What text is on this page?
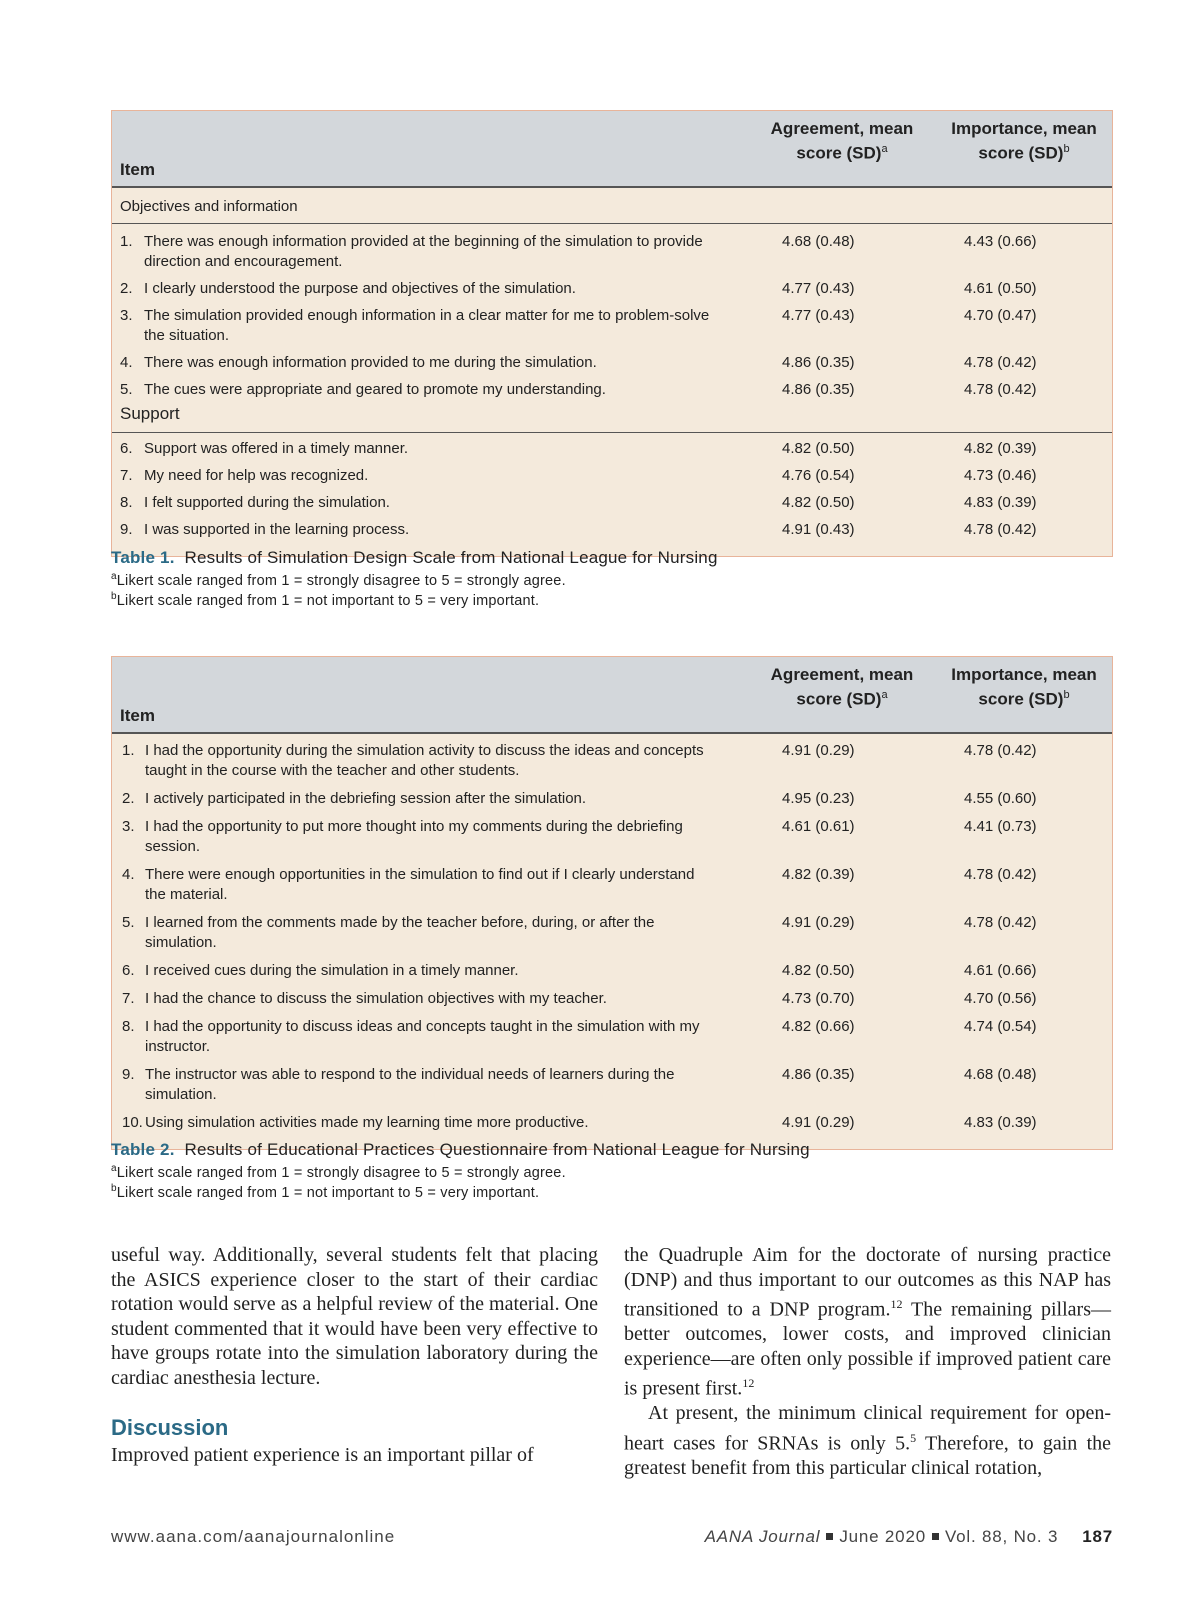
Item
Agreement, mean score (SD)$^a$
Importance, mean score (SD)$^b$
Objectives and information
1. There was enough information provided at the beginning of the simulation to provide direction and encouragement.
4.68 (0.48)	4.43 (0.66)
2. I clearly understood the purpose and objectives of the simulation.	4.77 (0.43)	4.61 (0.50)
3. The simulation provided enough information in a clear matter for me to problem-solve the situation.
4.77 (0.43)	4.70 (0.47)
4. There was enough information provided to me during the simulation.	4.86 (0.35)	4.78 (0.42)
5. The cues were appropriate and geared to promote my understanding.	4.86 (0.35)	4.78 (0.42)
Support
6. Support was offered in a timely manner.	4.82 (0.50)	4.82 (0.39)
7. My need for help was recognized.	4.76 (0.54)	4.73 (0.46)
8. I felt supported during the simulation.	4.82 (0.50)	4.83 (0.39)
9. I was supported in the learning process.	4.91 (0.43)	4.78 (0.42)
Table 1. Results of Simulation Design Scale from National League for Nursing
$^a$Likert scale ranged from 1 = strongly disagree to 5 = strongly agree.
$^b$Likert scale ranged from 1 = not important to 5 = very important.
Item
Agreement, mean score (SD)$^a$
Importance, mean score (SD)$^b$
1. I had the opportunity during the simulation activity to discuss the ideas and concepts taught in the course with the teacher and other students.
4.91 (0.29)	4.78 (0.42)
2. I actively participated in the debriefing session after the simulation.	4.95 (0.23)	4.55 (0.60)
3. I had the opportunity to put more thought into my comments during the debriefing session.
4.61 (0.61)	4.41 (0.73)
4. There were enough opportunities in the simulation to find out if I clearly understand the material.
4.82 (0.39)	4.78 (0.42)
5. I learned from the comments made by the teacher before, during, or after the simulation.
4.91 (0.29)	4.78 (0.42)
6. I received cues during the simulation in a timely manner.	4.82 (0.50)	4.61 (0.66)
7. I had the chance to discuss the simulation objectives with my teacher.	4.73 (0.70)	4.70 (0.56)
8. I had the opportunity to discuss ideas and concepts taught in the simulation with my instructor.
4.82 (0.66)	4.74 (0.54)
9. The instructor was able to respond to the individual needs of learners during the simulation.
4.86 (0.35)	4.68 (0.48)
10. Using simulation activities made my learning time more productive.	4.91 (0.29)	4.83 (0.39)
Table 2. Results of Educational Practices Questionnaire from National League for Nursing
$^a$Likert scale ranged from 1 = strongly disagree to 5 = strongly agree.
$^b$Likert scale ranged from 1 = not important to 5 = very important.

useful way. Additionally, several students felt that placing the ASICS experience closer to the start of their cardiac rotation would serve as a helpful review of the material. One student commented that it would have been very effective to have groups rotate into the simulation laboratory during the cardiac anesthesia lecture.

Discussion

Improved patient experience is an important pillar of

the Quadruple Aim for the doctorate of nursing practice (DNP) and thus important to our outcomes as this NAP has transitioned to a DNP program.$^{12}$ The remaining pillars—better outcomes, lower costs, and improved clinician experience—are often only possible if improved patient care is present first.$^{12}$

At present, the minimum clinical requirement for open-heart cases for SRNAs is only 5.$^5$ Therefore, to gain the greatest benefit from this particular clinical rotation,

www.aana.com/aanajournalonline	AANA Journal June 2020 Vol. 88, No. 3 187
